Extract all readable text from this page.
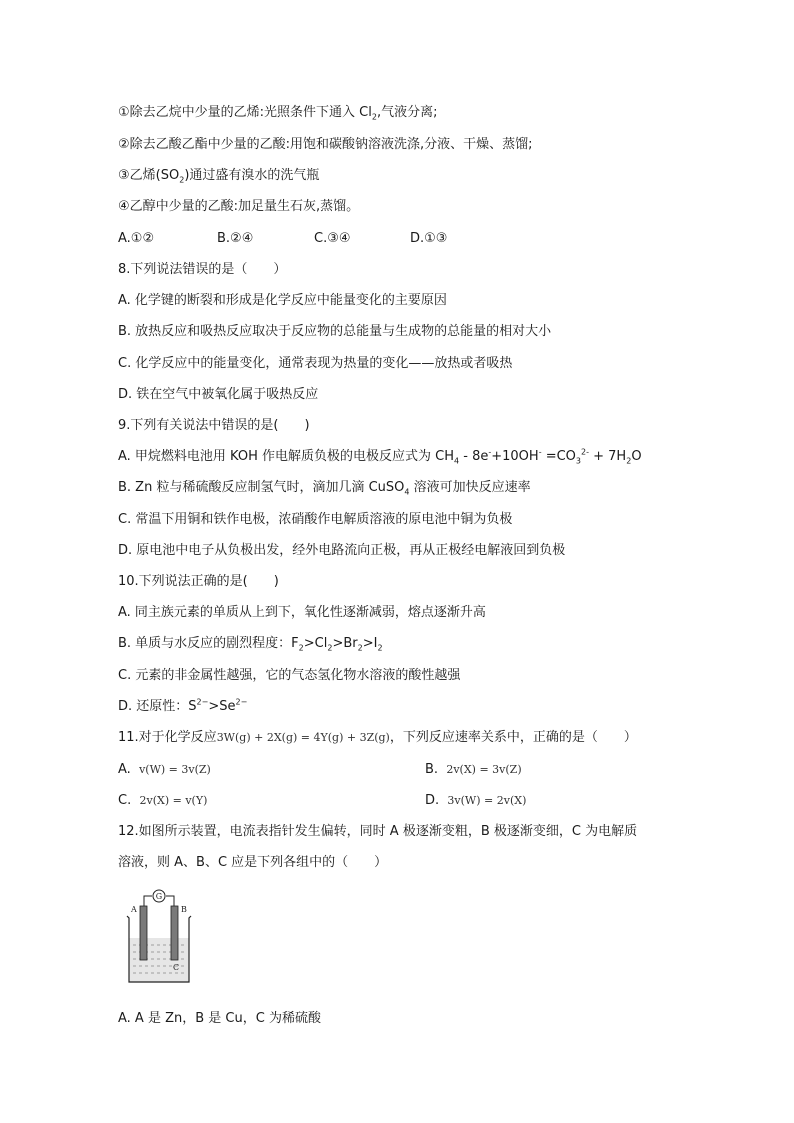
①除去乙烷中少量的乙烯:光照条件下通入 $Cl_2$,气液分离;
②除去乙酸乙酯中少量的乙酸:用饱和碳酸钠溶液洗涤,分液、干燥、蒸馏;
③乙烯$(SO_2)$通过盛有溴水的洗气瓶
④乙醇中少量的乙酸:加足量生石灰,蒸馏。
A.①②	B.②④	C.③④	D.①③
8.下列说法错误的是（　　）
A. 化学键的断裂和形成是化学反应中能量变化的主要原因
B. 放热反应和吸热反应取决于反应物的总能量与生成物的总能量的相对大小
C. 化学反应中的能量变化，通常表现为热量的变化——放热或者吸热
D. 铁在空气中被氧化属于吸热反应
9.下列有关说法中错误的是(　　)
A. 甲烷燃料电池用 KOH 作电解质负极的电极反应式为 $CH_4 - 8e^-+10OH^- =CO_3^{2-} + 7H_2O$
B. Zn 粒与稀硫酸反应制氢气时，滴加几滴 CuSO$_4$ 溶液可加快反应速率
C. 常温下用铜和铁作电极，浓硝酸作电解质溶液的原电池中铜为负极
D. 原电池中电子从负极出发，经外电路流向正极，再从正极经电解液回到负极
10.下列说法正确的是(　　)
A. 同主族元素的单质从上到下，氧化性逐渐减弱，熔点逐渐升高
B. 单质与水反应的剧烈程度：$F_2>Cl_2>Br_2>I_2$
C. 元素的非金属性越强，它的气态氢化物水溶液的酸性越强
D. 还原性：$S^{2-}>Se^{2-}$
11.对于化学反应3W(g) + 2X(g) = 4Y(g) + 3Z(g)，下列反应速率关系中，正确的是（　　）
A. v(W) = 3v(Z)	B. 2v(X) = 3v(Z)
C. 2v(X) = v(Y)	D. 3v(W) = 2v(X)
12.如图所示装置，电流表指针发生偏转，同时 A 极逐渐变粗，B 极逐渐变细，C 为电解质
溶液，则 A、B、C 应是下列各组中的（　　）
G
A	B
C
A. A 是 Zn，B 是 Cu，C 为稀硫酸
